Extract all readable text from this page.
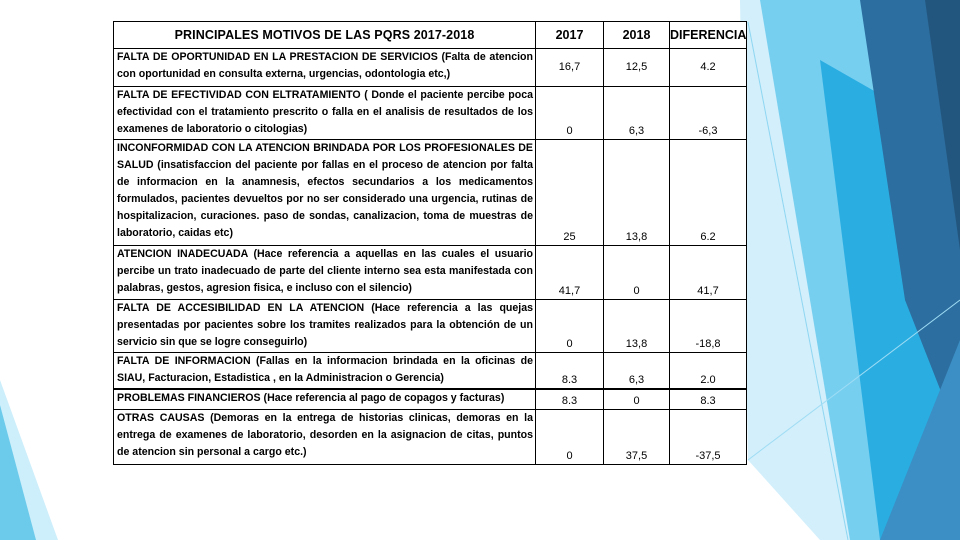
PRINCIPALES MOTIVOS DE LAS PQRS 2017-2018	2017	2018	DIFERENCIA
FALTA DE OPORTUNIDAD EN LA PRESTACION DE SERVICIOS (Falta de atencion con oportunidad en consulta externa, urgencias, odontologia etc,)	16,7	12,5	4.2
FALTA DE EFECTIVIDAD CON ELTRATAMIENTO ( Donde el paciente percibe poca efectividad con el tratamiento prescrito o falla en el analisis de resultados de los examenes de laboratorio o citologias)	0	6,3	-6,3
INCONFORMIDAD CON LA ATENCION BRINDADA POR LOS PROFESIONALES DE SALUD (insatisfaccion del paciente por fallas en el proceso de atencion por falta de informacion en la anamnesis, efectos secundarios a los medicamentos formulados, pacientes devueltos por no ser considerado una urgencia, rutinas de hospitalizacion, curaciones. paso de sondas, canalizacion, toma de muestras de laboratorio, caidas etc)	25	13,8	6.2
ATENCION INADECUADA (Hace referencia a aquellas en las cuales el usuario percibe un trato inadecuado de parte del cliente interno sea esta manifestada con palabras, gestos, agresion fisica, e incluso con el silencio)	41,7	0	41,7
FALTA DE ACCESIBILIDAD EN LA ATENCION (Hace referencia a las quejas presentadas por pacientes sobre los tramites realizados para la obtención de un servicio sin que se logre conseguirlo)	0	13,8	-18,8
FALTA DE INFORMACION (Fallas en la informacion brindada en la oficinas de SIAU, Facturacion, Estadistica , en la Administracion o Gerencia)	8.3	6,3	2.0
PROBLEMAS FINANCIEROS (Hace referencia al pago de copagos y facturas)	8.3	0	8.3
OTRAS CAUSAS (Demoras en la entrega de historias clinicas, demoras en la entrega de examenes de laboratorio, desorden en la asignacion de citas, puntos de atencion sin personal a cargo etc.)	0	37,5	-37,5
